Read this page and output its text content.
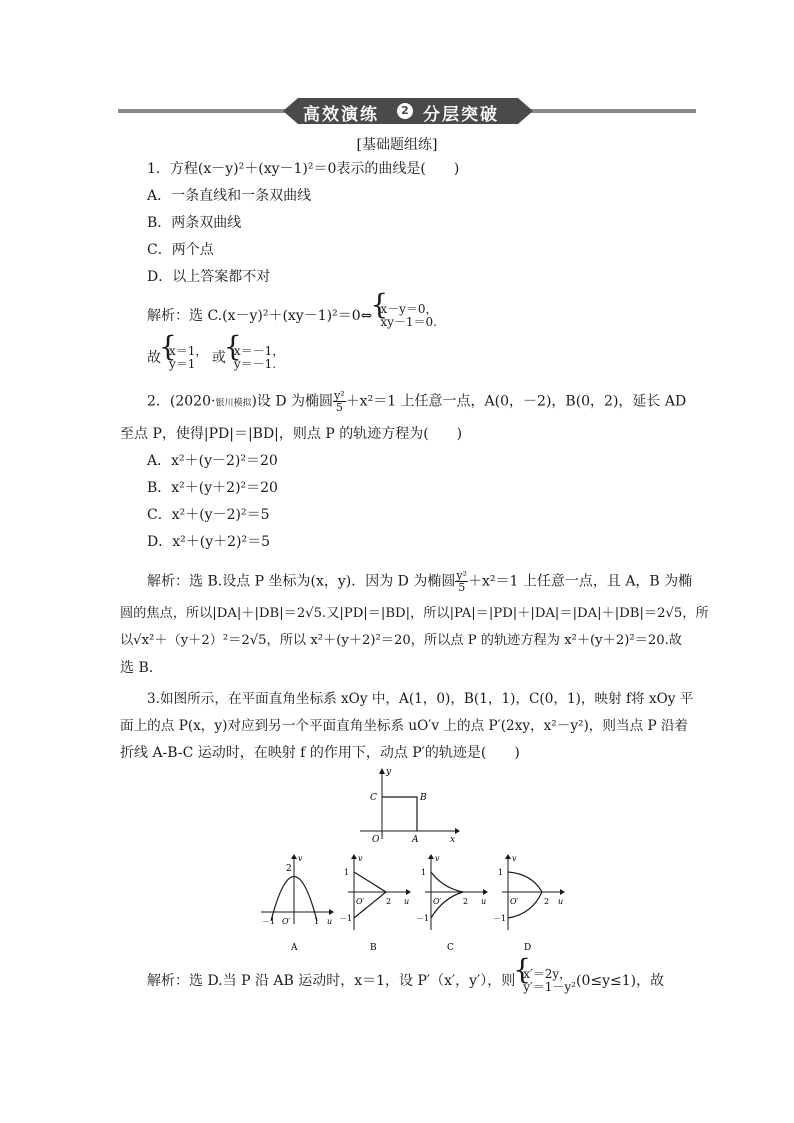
高效演练	2 分层突破
[基础题组练]
1．方程(x－y)²＋(xy－1)²＝0表示的曲线是(　　)
A．一条直线和一条双曲线
B．两条双曲线
C．两个点
D．以上答案都不对
解析：选 C.(x－y)²＋(xy－1)²＝0⇔ { x－y＝0，
xy－1＝0.
故 { x＝1，
y＝1	或 { x＝－1，
y＝－1.
2．(2020·银川模拟)设 D 为椭圆 $\frac{\text{y²}}{5} +x^2=1$ 上任意一点，A(0，－2)，B(0，2)，延长 AD
至点 P，使得|PD|＝|BD|，则点 P 的轨迹方程为(　　)
A．x²＋(y－2)²＝20
B．x²＋(y＋2)²＝20
C．x²＋(y－2)²＝5
D．x²＋(y＋2)²＝5
解析：选 B.设点 P 坐标为(x，y)．因为 D 为椭圆 $\frac{\text{y²}}{5} +x^2=1$ 上任意一点，且 A，B 为椭
圆的焦点，所以|DA|＋|DB|＝2√5.又|PD|＝|BD|，所以|PA|＝|PD|＋|DA|＝|DA|＋|DB|＝2√5，所
以√x²＋（y＋2）²＝2√5，所以 x²＋(y＋2)²＝20，所以点 P 的轨迹方程为 x²＋(y＋2)²＝20.故
选 B.
3.如图所示，在平面直角坐标系 xOy 中，A(1，0)，B(1，1)，C(0，1)，映射 f将 xOy 平
面上的点 P(x，y)对应到另一个平面直角坐标系 uO′v 上的点 P′(2xy，x²－y²)，则当点 P 沿着
折线 A-B-C 运动时，在映射 f 的作用下，动点 P′的轨迹是(　　)
y
x
C	B
O	A
v
u
2
－1 O′	1
A
v
u
1
－1
O′	2
B
v
u
1
－1
O′	2
C
v
u
1
－1
O′	2
D
解析：选 D.当 P 沿 AB 运动时，x＝1，设 P′（x′，y′），则 { x′＝2y，
y′＝1－y² (0≤y≤1)，故
